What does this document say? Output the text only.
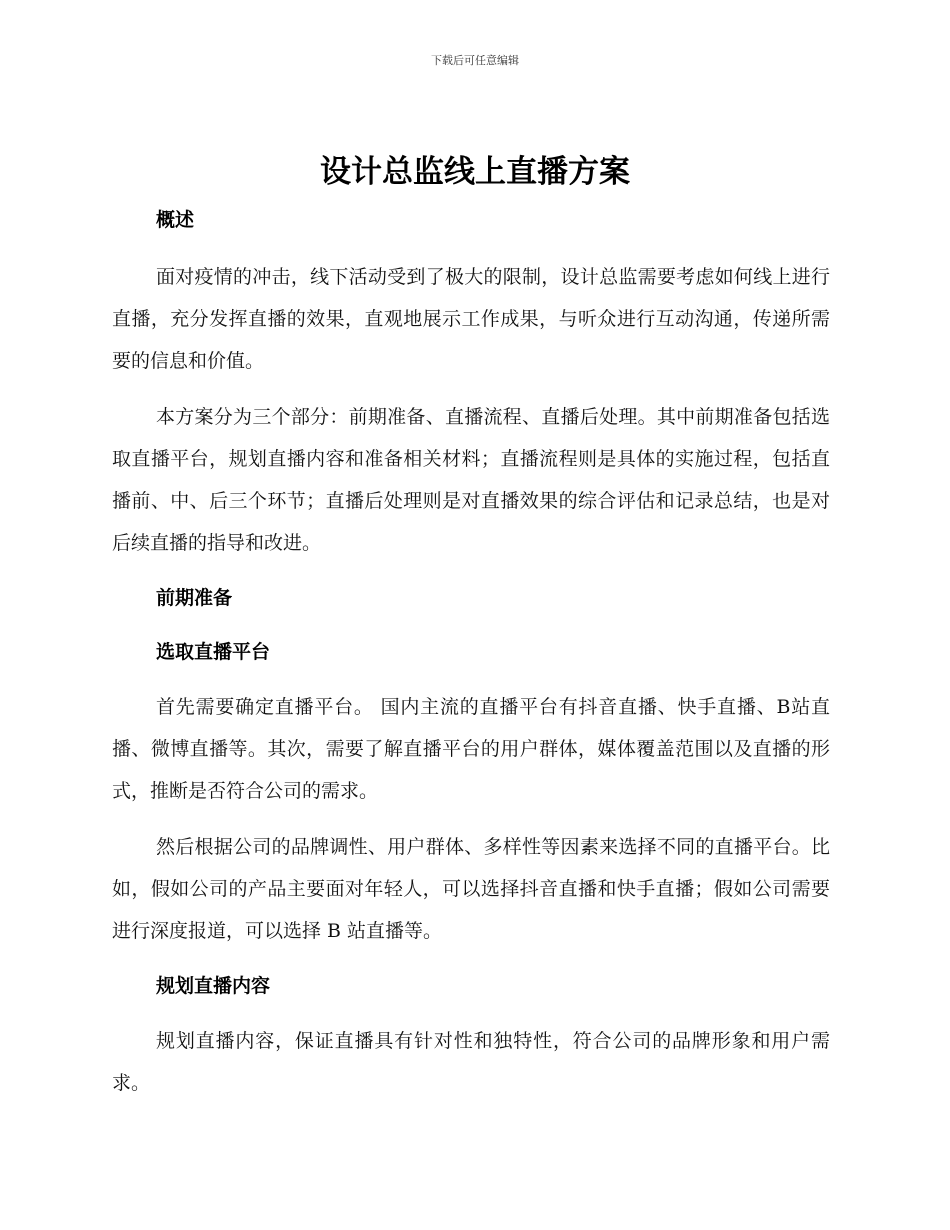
下载后可任意编辑
设计总监线上直播方案
概述

面对疫情的冲击，线下活动受到了极大的限制，设计总监需要考虑如何线上进行直播，充分发挥直播的效果，直观地展示工作成果，与听众进行互动沟通，传递所需要的信息和价值。

本方案分为三个部分：前期准备、直播流程、直播后处理。其中前期准备包括选取直播平台，规划直播内容和准备相关材料；直播流程则是具体的实施过程，包括直播前、中、后三个环节；直播后处理则是对直播效果的综合评估和记录总结，也是对后续直播的指导和改进。

前期准备
选取直播平台

首先需要确定直播平台。 国内主流的直播平台有抖音直播、快手直播、B站直播、微博直播等。其次，需要了解直播平台的用户群体，媒体覆盖范围以及直播的形式，推断是否符合公司的需求。

然后根据公司的品牌调性、用户群体、多样性等因素来选择不同的直播平台。比如，假如公司的产品主要面对年轻人，可以选择抖音直播和快手直播；假如公司需要进行深度报道，可以选择 B 站直播等。

规划直播内容

规划直播内容，保证直播具有针对性和独特性，符合公司的品牌形象和用户需求。
